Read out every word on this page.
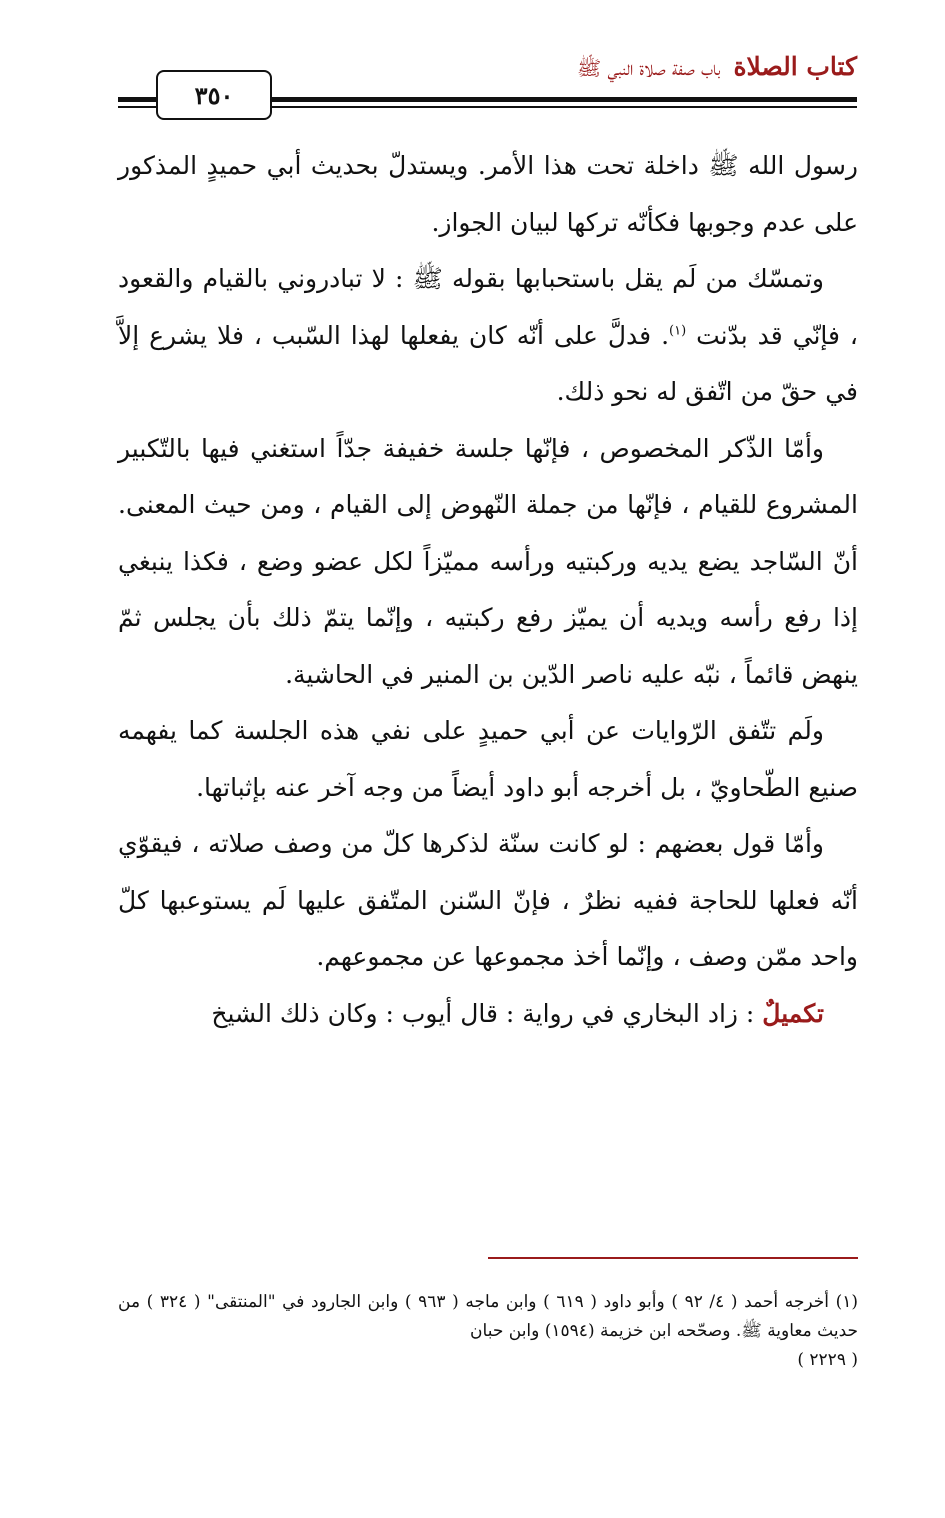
كتاب الصلاة باب صفة صلاة النبي ﷺ
٣٥٠

رسول الله ﷺ داخلة تحت هذا الأمر. ويستدلّ بحديث أبي حميدٍ المذكور على عدم وجوبها فكأنّه تركها لبيان الجواز.

وتمسّك من لَم يقل باستحبابها بقوله ﷺ : لا تبادروني بالقيام والقعود ، فإنّي قد بدّنت $^{(١)}$. فدلَّ على أنّه كان يفعلها لهذا السّبب ، فلا يشرع إلاَّ في حقّ من اتّفق له نحو ذلك.

وأمّا الذّكر المخصوص ، فإنّها جلسة خفيفة جدّاً استغني فيها بالتّكبير المشروع للقيام ، فإنّها من جملة النّهوض إلى القيام ، ومن حيث المعنى. أنّ السّاجد يضع يديه وركبتيه ورأسه مميّزاً لكل عضو وضع ، فكذا ينبغي إذا رفع رأسه ويديه أن يميّز رفع ركبتيه ، وإنّما يتمّ ذلك بأن يجلس ثمّ ينهض قائماً ، نبّه عليه ناصر الدّين بن المنير في الحاشية.

ولَم تتّفق الرّوايات عن أبي حميدٍ على نفي هذه الجلسة كما يفهمه صنيع الطّحاويّ ، بل أخرجه أبو داود أيضاً من وجه آخر عنه بإثباتها.

وأمّا قول بعضهم : لو كانت سنّة لذكرها كلّ من وصف صلاته ، فيقوّي أنّه فعلها للحاجة ففيه نظرٌ ، فإنّ السّنن المتّفق عليها لَم يستوعبها كلّ واحد ممّن وصف ، وإنّما أخذ مجموعها عن مجموعهم.

تكميلٌ : زاد البخاري في رواية : قال أيوب : وكان ذلك الشيخ

(١) أخرجه أحمد ( ٤/ ٩٢ ) وأبو داود ( ٦١٩ ) وابن ماجه ( ٩٦٣ ) وابن الجارود في "المنتقى" ( ٣٢٤ ) من حديث معاوية ﷺ. وصحّحه ابن خزيمة (١٥٩٤) وابن حبان

( ٢٢٢٩ )
